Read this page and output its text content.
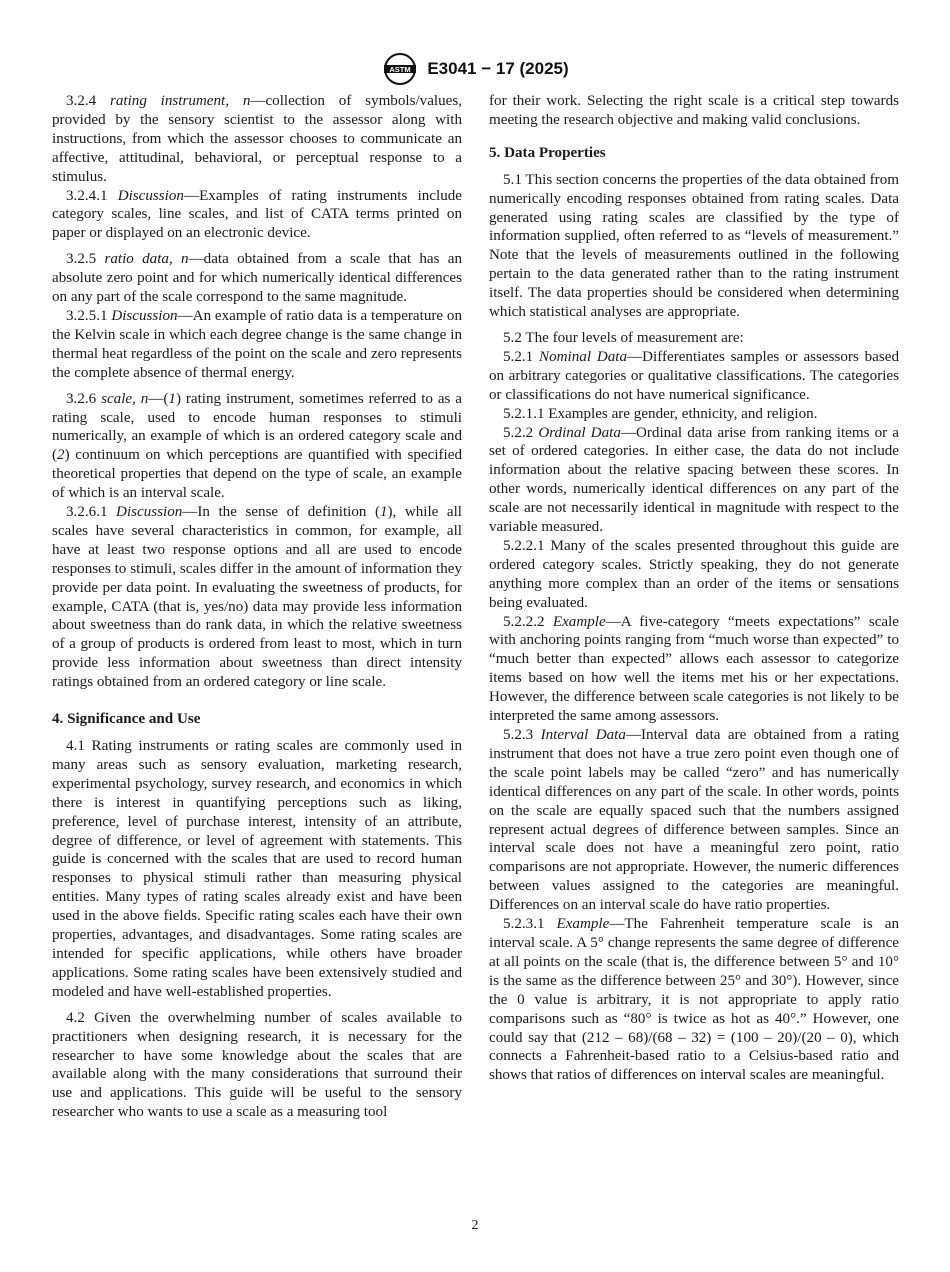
ASTM E3041 − 17 (2025)

3.2.4 rating instrument, n—collection of symbols/values, provided by the sensory scientist to the assessor along with instructions, from which the assessor chooses to communicate an affective, attitudinal, behavioral, or perceptual response to a stimulus.

3.2.4.1 Discussion—Examples of rating instruments include category scales, line scales, and list of CATA terms printed on paper or displayed on an electronic device.

3.2.5 ratio data, n—data obtained from a scale that has an absolute zero point and for which numerically identical differences on any part of the scale correspond to the same magnitude.

3.2.5.1 Discussion—An example of ratio data is a temperature on the Kelvin scale in which each degree change is the same change in thermal heat regardless of the point on the scale and zero represents the complete absence of thermal energy.

3.2.6 scale, n—(1) rating instrument, sometimes referred to as a rating scale, used to encode human responses to stimuli numerically, an example of which is an ordered category scale and (2) continuum on which perceptions are quantified with specified theoretical properties that depend on the type of scale, an example of which is an interval scale.

3.2.6.1 Discussion—In the sense of definition (1), while all scales have several characteristics in common, for example, all have at least two response options and all are used to encode responses to stimuli, scales differ in the amount of information they provide per data point. In evaluating the sweetness of products, for example, CATA (that is, yes/no) data may provide less information about sweetness than do rank data, in which the relative sweetness of a group of products is ordered from least to most, which in turn provide less information about sweetness than direct intensity ratings obtained from an ordered category or line scale.

4. Significance and Use

4.1 Rating instruments or rating scales are commonly used in many areas such as sensory evaluation, marketing research, experimental psychology, survey research, and economics in which there is interest in quantifying perceptions such as liking, preference, level of purchase interest, intensity of an attribute, degree of difference, or level of agreement with statements. This guide is concerned with the scales that are used to record human responses to physical stimuli rather than measuring physical entities. Many types of rating scales already exist and have been used in the above fields. Specific rating scales each have their own properties, advantages, and disadvantages. Some rating scales are intended for specific applications, while others have broader applications. Some rating scales have been extensively studied and modeled and have well-established properties.

4.2 Given the overwhelming number of scales available to practitioners when designing research, it is necessary for the researcher to have some knowledge about the scales that are available along with the many considerations that surround their use and applications. This guide will be useful to the sensory researcher who wants to use a scale as a measuring tool

for their work. Selecting the right scale is a critical step towards meeting the research objective and making valid conclusions.

5. Data Properties

5.1 This section concerns the properties of the data obtained from numerically encoding responses obtained from rating scales. Data generated using rating scales are classified by the type of information supplied, often referred to as “levels of measurement.” Note that the levels of measurements outlined in the following pertain to the data generated rather than to the rating instrument itself. The data properties should be considered when determining which statistical analyses are appropriate.

5.2 The four levels of measurement are:

5.2.1 Nominal Data—Differentiates samples or assessors based on arbitrary categories or qualitative classifications. The categories or classifications do not have numerical significance.

5.2.1.1 Examples are gender, ethnicity, and religion.

5.2.2 Ordinal Data—Ordinal data arise from ranking items or a set of ordered categories. In either case, the data do not include information about the relative spacing between these scores. In other words, numerically identical differences on any part of the scale are not necessarily identical in magnitude with respect to the variable measured.

5.2.2.1 Many of the scales presented throughout this guide are ordered category scales. Strictly speaking, they do not generate anything more complex than an order of the items or sensations being evaluated.

5.2.2.2 Example—A five-category “meets expectations” scale with anchoring points ranging from “much worse than expected” to “much better than expected” allows each assessor to categorize items based on how well the items met his or her expectations. However, the difference between scale categories is not likely to be interpreted the same among assessors.

5.2.3 Interval Data—Interval data are obtained from a rating instrument that does not have a true zero point even though one of the scale point labels may be called “zero” and has numerically identical differences on any part of the scale. In other words, points on the scale are equally spaced such that the numbers assigned represent actual degrees of difference between samples. Since an interval scale does not have a meaningful zero point, ratio comparisons are not appropriate. However, the numeric differences between values assigned to the categories are meaningful. Differences on an interval scale do have ratio properties.

5.2.3.1 Example—The Fahrenheit temperature scale is an interval scale. A 5° change represents the same degree of difference at all points on the scale (that is, the difference between 5° and 10° is the same as the difference between 25° and 30°). However, since the 0 value is arbitrary, it is not appropriate to apply ratio comparisons such as “80° is twice as hot as 40°.” However, one could say that (212 – 68)/(68 – 32) = (100 – 20)/(20 – 0), which connects a Fahrenheit-based ratio to a Celsius-based ratio and shows that ratios of differences on interval scales are meaningful.

2
